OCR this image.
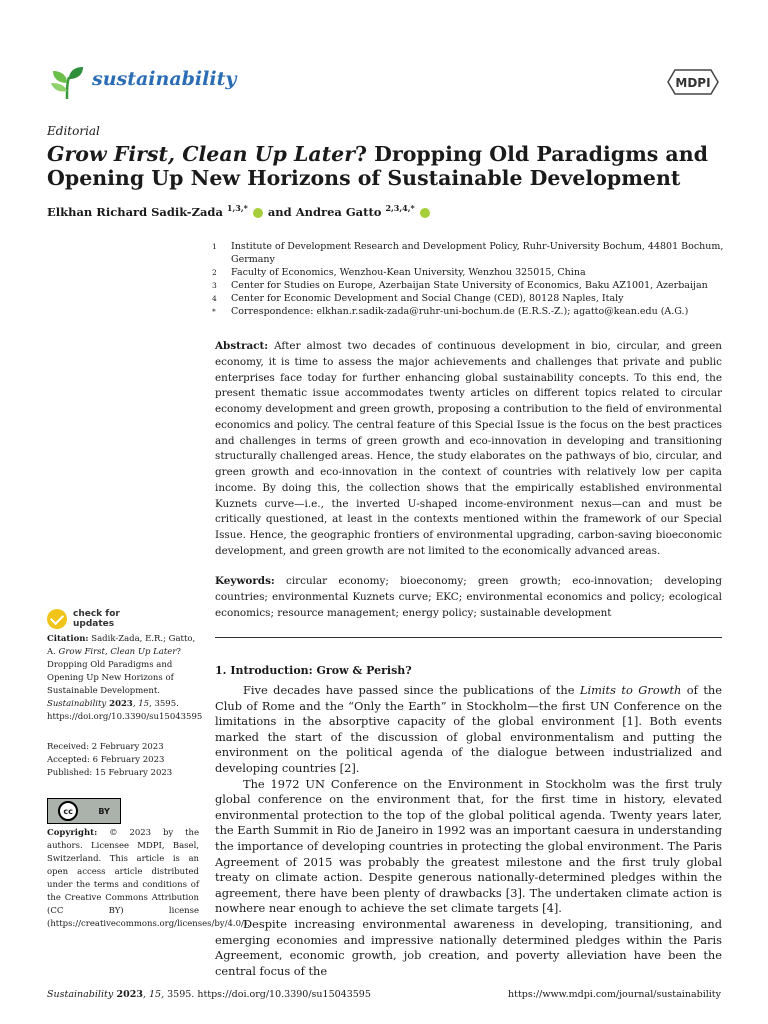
sustainability	MDPI
Editorial
Grow First, Clean Up Later? Dropping Old Paradigms and Opening Up New Horizons of Sustainable Development
Elkhan Richard Sadik-Zada $^{1,3,*}$  and Andrea Gatto $^{2,3,4,*}$
1	Institute of Development Research and Development Policy, Ruhr-University Bochum, 44801 Bochum, Germany
2	Faculty of Economics, Wenzhou-Kean University, Wenzhou 325015, China
3	Center for Studies on Europe, Azerbaijan State University of Economics, Baku AZ1001, Azerbaijan
4	Center for Economic Development and Social Change (CED), 80128 Naples, Italy
*	Correspondence: elkhan.r.sadik-zada@ruhr-uni-bochum.de (E.R.S.-Z.); agatto@kean.edu (A.G.)
Abstract: After almost two decades of continuous development in bio, circular, and green economy, it is time to assess the major achievements and challenges that private and public enterprises face today for further enhancing global sustainability concepts. To this end, the present thematic issue accommodates twenty articles on different topics related to circular economy development and green growth, proposing a contribution to the field of environmental economics and policy. The central feature of this Special Issue is the focus on the best practices and challenges in terms of green growth and eco-innovation in developing and transitioning structurally challenged areas. Hence, the study elaborates on the pathways of bio, circular, and green growth and eco-innovation in the context of countries with relatively low per capita income. By doing this, the collection shows that the empirically established environmental Kuznets curve—i.e., the inverted U-shaped income-environment nexus—can and must be critically questioned, at least in the contexts mentioned within the framework of our Special Issue. Hence, the geographic frontiers of environmental upgrading, carbon-saving bioeconomic development, and green growth are not limited to the economically advanced areas.
Keywords: circular economy; bioeconomy; green growth; eco-innovation; developing countries; environmental Kuznets curve; EKC; environmental economics and policy; ecological economics; resource management; energy policy; sustainable development
check for
updates
Citation: Sadik-Zada, E.R.; Gatto, A. Grow First, Clean Up Later? Dropping Old Paradigms and Opening Up New Horizons of Sustainable Development. Sustainability 2023, 15, 3595. https://doi.org/10.3390/su15043595
Received: 2 February 2023
Accepted: 6 February 2023
Published: 15 February 2023
cc	BY
Copyright: © 2023 by the authors. Licensee MDPI, Basel, Switzerland. This article is an open access article distributed under the terms and conditions of the Creative Commons Attribution (CC BY) license (https://creativecommons.org/licenses/by/4.0/).
1. Introduction: Grow & Perish?

Five decades have passed since the publications of the Limits to Growth of the Club of Rome and the “Only the Earth” in Stockholm—the first UN Conference on the limitations in the absorptive capacity of the global environment [1]. Both events marked the start of the discussion of global environmentalism and putting the environment on the political agenda of the dialogue between industrialized and developing countries [2].

The 1972 UN Conference on the Environment in Stockholm was the first truly global conference on the environment that, for the first time in history, elevated environmental protection to the top of the global political agenda. Twenty years later, the Earth Summit in Rio de Janeiro in 1992 was an important caesura in understanding the importance of developing countries in protecting the global environment. The Paris Agreement of 2015 was probably the greatest milestone and the first truly global treaty on climate action. Despite generous nationally-determined pledges within the agreement, there have been plenty of drawbacks [3]. The undertaken climate action is nowhere near enough to achieve the set climate targets [4].

Despite increasing environmental awareness in developing, transitioning, and emerging economies and impressive nationally determined pledges within the Paris Agreement, economic growth, job creation, and poverty alleviation have been the central focus of the

Sustainability 2023, 15, 3595. https://doi.org/10.3390/su15043595	https://www.mdpi.com/journal/sustainability
